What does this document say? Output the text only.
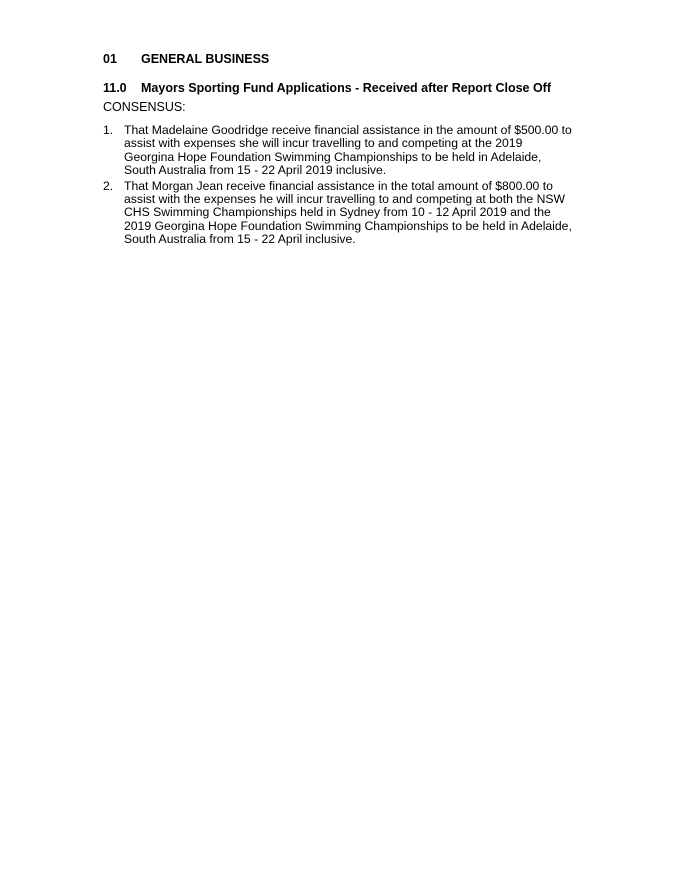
01 GENERAL BUSINESS
11.0 Mayors Sporting Fund Applications - Received after Report Close Off
CONSENSUS:
1. That Madelaine Goodridge receive financial assistance in the amount of $500.00 to assist with expenses she will incur travelling to and competing at the 2019 Georgina Hope Foundation Swimming Championships to be held in Adelaide, South Australia from 15 - 22 April 2019 inclusive.
2. That Morgan Jean receive financial assistance in the total amount of $800.00 to assist with the expenses he will incur travelling to and competing at both the NSW CHS Swimming Championships held in Sydney from 10 - 12 April 2019 and the 2019 Georgina Hope Foundation Swimming Championships to be held in Adelaide, South Australia from 15 - 22 April inclusive.
